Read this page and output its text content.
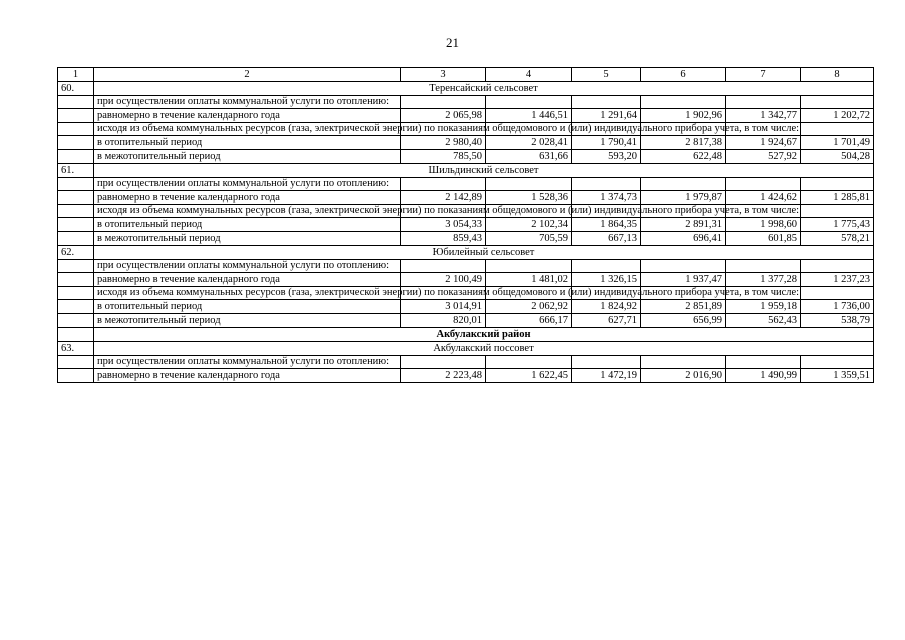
21
1	2	3	4	5	6	7	8
60.	Теренсайский сельсовет						
	при осуществлении оплаты коммунальной услуги по отоплению:						
	равномерно в течение календарного года	2 065,98	1 446,51	1 291,64	1 902,96	1 342,77	1 202,72
	исходя из объема коммунальных ресурсов (газа, электрической энергии) по показаниям общедомового и (или) индивидуального прибора учета, в том числе:						
	в отопительный период	2 980,40	2 028,41	1 790,41	2 817,38	1 924,67	1 701,49
	в межотопительный период	785,50	631,66	593,20	622,48	527,92	504,28
61.	Шильдинский сельсовет						
	при осуществлении оплаты коммунальной услуги по отоплению:						
	равномерно в течение календарного года	2 142,89	1 528,36	1 374,73	1 979,87	1 424,62	1 285,81
	исходя из объема коммунальных ресурсов (газа, электрической энергии) по показаниям общедомового и (или) индивидуального прибора учета, в том числе:						
	в отопительный период	3 054,33	2 102,34	1 864,35	2 891,31	1 998,60	1 775,43
	в межотопительный период	859,43	705,59	667,13	696,41	601,85	578,21
62.	Юбилейный сельсовет						
	при осуществлении оплаты коммунальной услуги по отоплению:						
	равномерно в течение календарного года	2 100,49	1 481,02	1 326,15	1 937,47	1 377,28	1 237,23
	исходя из объема коммунальных ресурсов (газа, электрической энергии) по показаниям общедомового и (или) индивидуального прибора учета, в том числе:						
	в отопительный период	3 014,91	2 062,92	1 824,92	2 851,89	1 959,18	1 736,00
	в межотопительный период	820,01	666,17	627,71	656,99	562,43	538,79
	Акбулакский район						
63.	Акбулакский поссовет						
	при осуществлении оплаты коммунальной услуги по отоплению:						
	равномерно в течение календарного года	2 223,48	1 622,45	1 472,19	2 016,90	1 490,99	1 359,51
